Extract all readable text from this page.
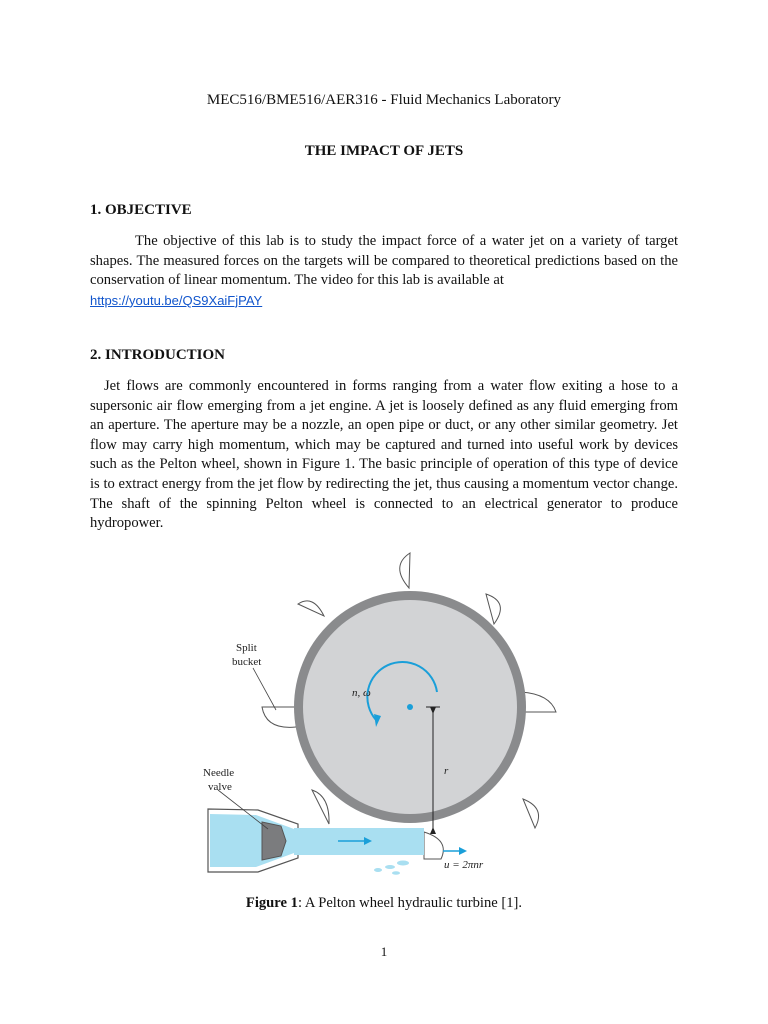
MEC516/BME516/AER316 - Fluid Mechanics Laboratory
THE IMPACT OF JETS
1. OBJECTIVE
The objective of this lab is to study the impact force of a water jet on a variety of target shapes. The measured forces on the targets will be compared to theoretical predictions based on the conservation of linear momentum. The video for this lab is available at
https://youtu.be/QS9XaiFjPAY
2. INTRODUCTION
Jet flows are commonly encountered in forms ranging from a water flow exiting a hose to a supersonic air flow emerging from a jet engine. A jet is loosely defined as any fluid emerging from an aperture. The aperture may be a nozzle, an open pipe or duct, or any other similar geometry. Jet flow may carry high momentum, which may be captured and turned into useful work by devices such as the Pelton wheel, shown in Figure 1. The basic principle of operation of this type of device is to extract energy from the jet flow by redirecting the jet, thus causing a momentum vector change. The shaft of the spinning Pelton wheel is connected to an electrical generator to produce hydropower.
Split
bucket
Needle
valve
n, ω
r
u = 2πnr
Figure 1: A Pelton wheel hydraulic turbine [1].
1
